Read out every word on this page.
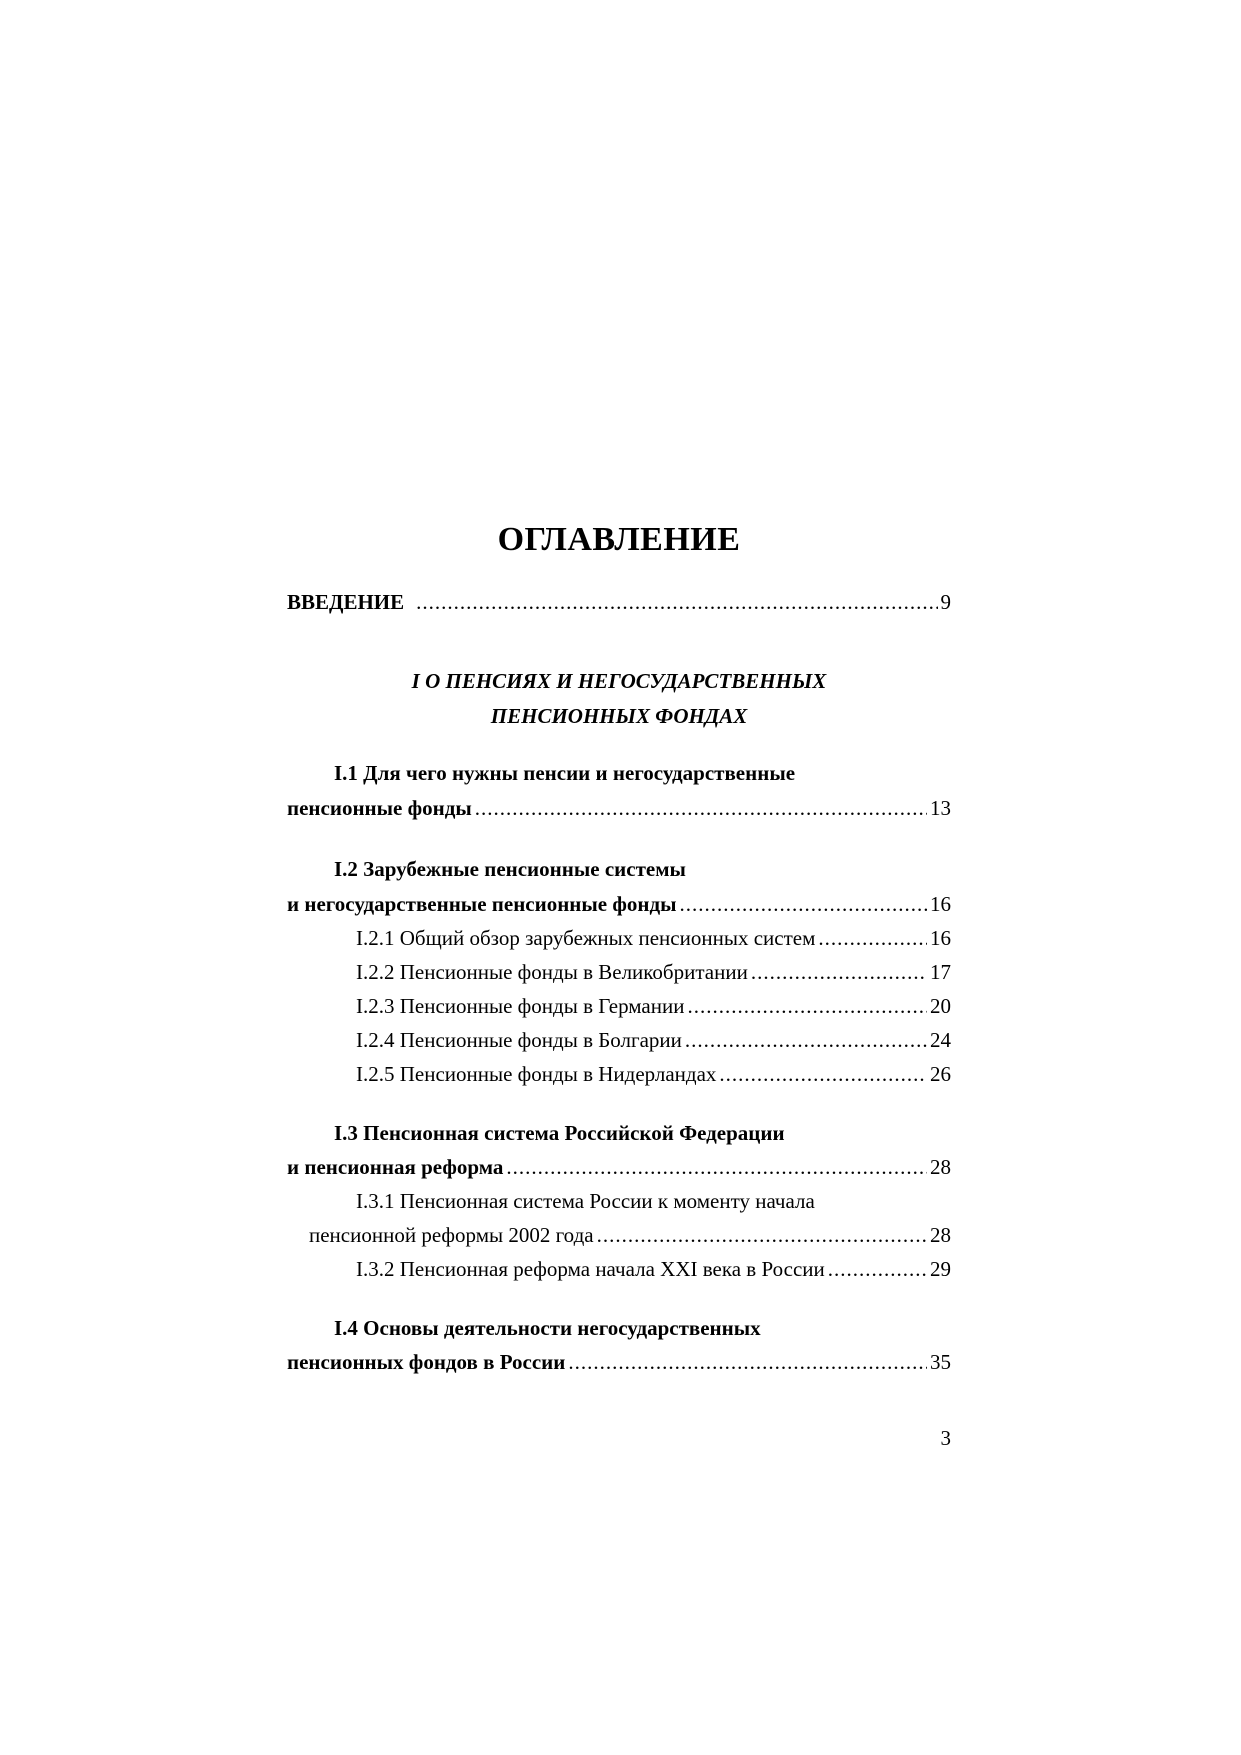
ОГЛАВЛЕНИЕ
ВВЕДЕНИЕ .....	9
I О ПЕНСИЯХ И НЕГОСУДАРСТВЕННЫХ
ПЕНСИОННЫХ ФОНДАХ
I.1 Для чего нужны пенсии и негосударственные
пенсионные фонды .....	13
I.2 Зарубежные пенсионные системы
и негосударственные пенсионные фонды .....	16
I.2.1 Общий обзор зарубежных пенсионных систем .....	16
I.2.2 Пенсионные фонды в Великобритании .....	17
I.2.3 Пенсионные фонды в Германии .....	20
I.2.4 Пенсионные фонды в Болгарии .....	24
I.2.5 Пенсионные фонды в Нидерландах .....	26
I.3 Пенсионная система Российской Федерации
и пенсионная реформа .....	28
I.3.1 Пенсионная система России к моменту начала
пенсионной реформы 2002 года .....	28
I.3.2 Пенсионная реформа начала XXI века в России .....	29
I.4 Основы деятельности негосударственных
пенсионных фондов в России .....	35
3
